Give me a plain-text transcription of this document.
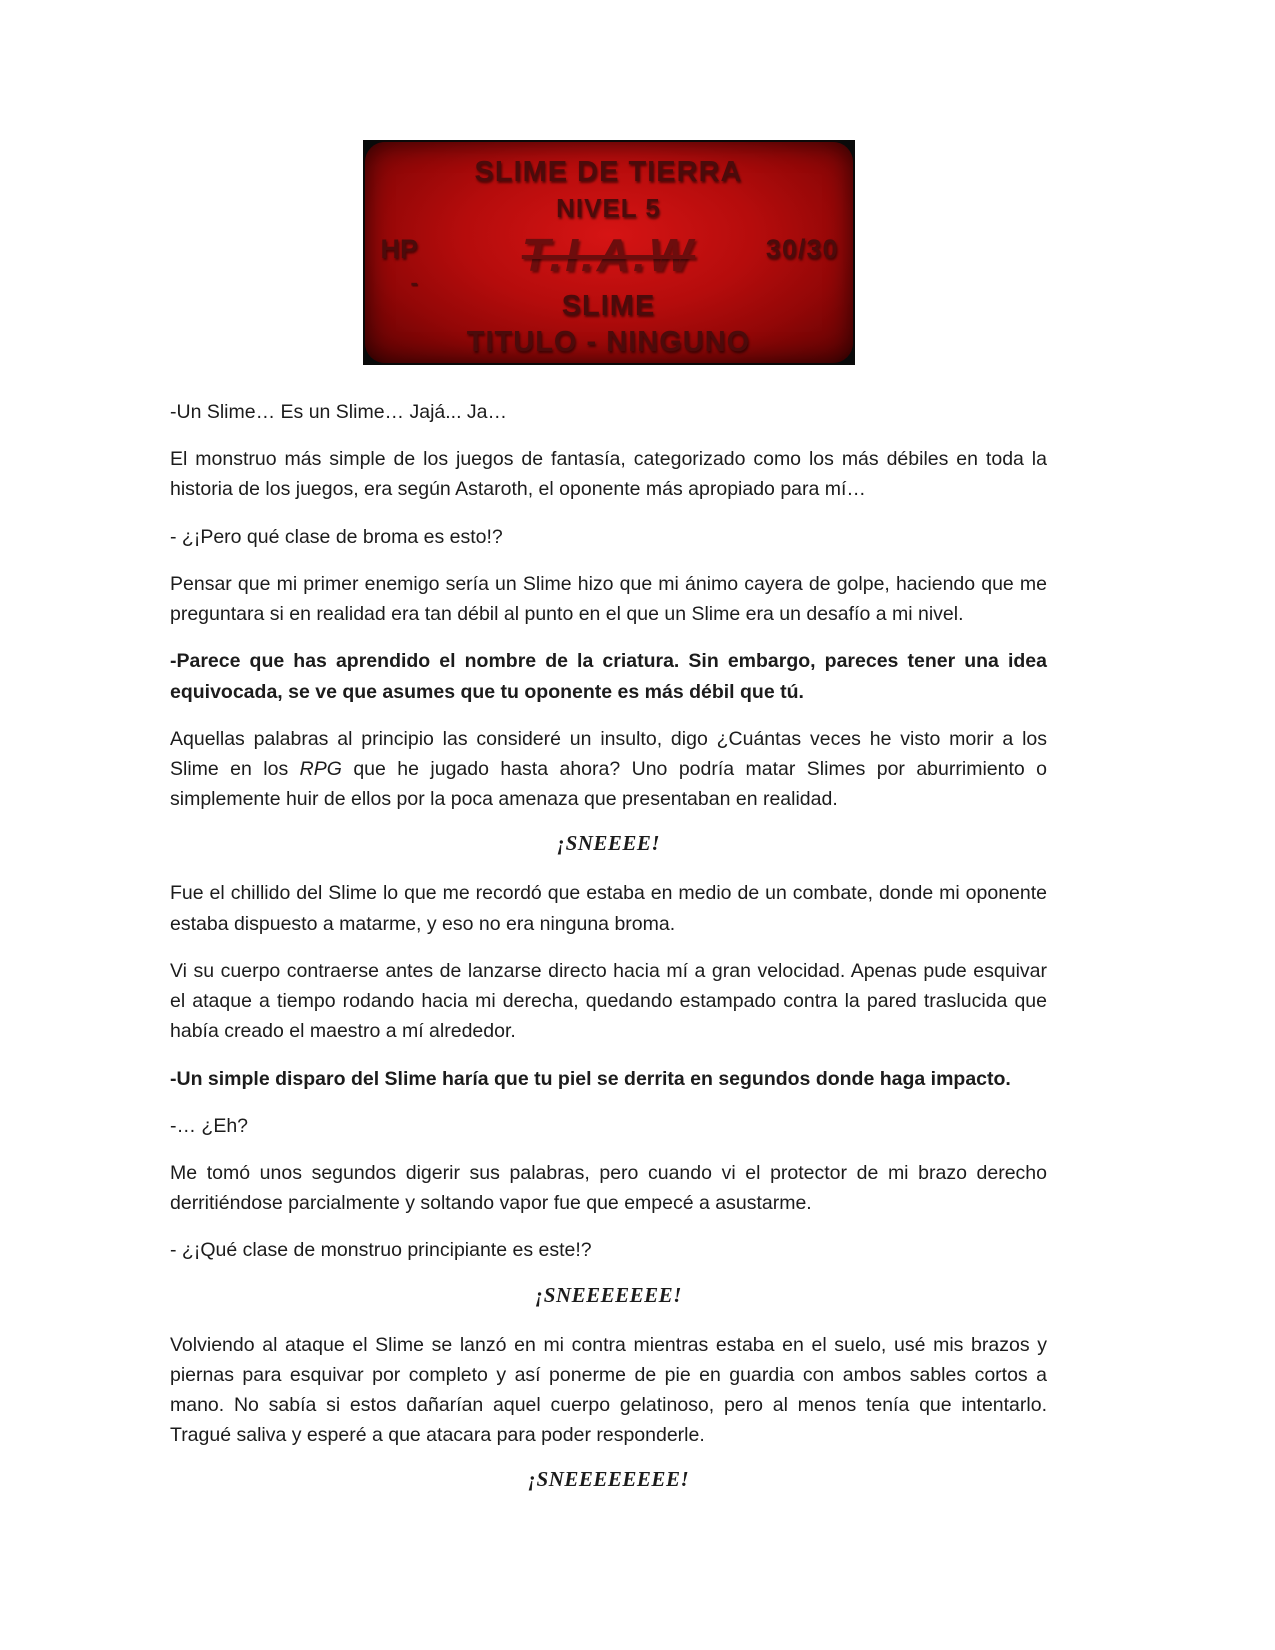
SLIME DE TIERRA
NIVEL 5
HP T.I.A.W	30/30
-
SLIME
TITULO - NINGUNO

-Un Slime… Es un Slime… Jajá... Ja…

El monstruo más simple de los juegos de fantasía, categorizado como los más débiles en toda la historia de los juegos, era según Astaroth, el oponente más apropiado para mí…

- ¿¡Pero qué clase de broma es esto!?

Pensar que mi primer enemigo sería un Slime hizo que mi ánimo cayera de golpe, haciendo que me preguntara si en realidad era tan débil al punto en el que un Slime era un desafío a mi nivel.

-Parece que has aprendido el nombre de la criatura. Sin embargo, pareces tener una idea equivocada, se ve que asumes que tu oponente es más débil que tú.

Aquellas palabras al principio las consideré un insulto, digo ¿Cuántas veces he visto morir a los Slime en los RPG que he jugado hasta ahora? Uno podría matar Slimes por aburrimiento o simplemente huir de ellos por la poca amenaza que presentaban en realidad.

¡SNEEEE!

Fue el chillido del Slime lo que me recordó que estaba en medio de un combate, donde mi oponente estaba dispuesto a matarme, y eso no era ninguna broma.

Vi su cuerpo contraerse antes de lanzarse directo hacia mí a gran velocidad. Apenas pude esquivar el ataque a tiempo rodando hacia mi derecha, quedando estampado contra la pared traslucida que había creado el maestro a mí alrededor.

-Un simple disparo del Slime haría que tu piel se derrita en segundos donde haga impacto.

-… ¿Eh?

Me tomó unos segundos digerir sus palabras, pero cuando vi el protector de mi brazo derecho derritiéndose parcialmente y soltando vapor fue que empecé a asustarme.

- ¿¡Qué clase de monstruo principiante es este!?

¡SNEEEEEEE!

Volviendo al ataque el Slime se lanzó en mi contra mientras estaba en el suelo, usé mis brazos y piernas para esquivar por completo y así ponerme de pie en guardia con ambos sables cortos a mano. No sabía si estos dañarían aquel cuerpo gelatinoso, pero al menos tenía que intentarlo. Tragué saliva y esperé a que atacara para poder responderle.

¡SNEEEEEEEE!
